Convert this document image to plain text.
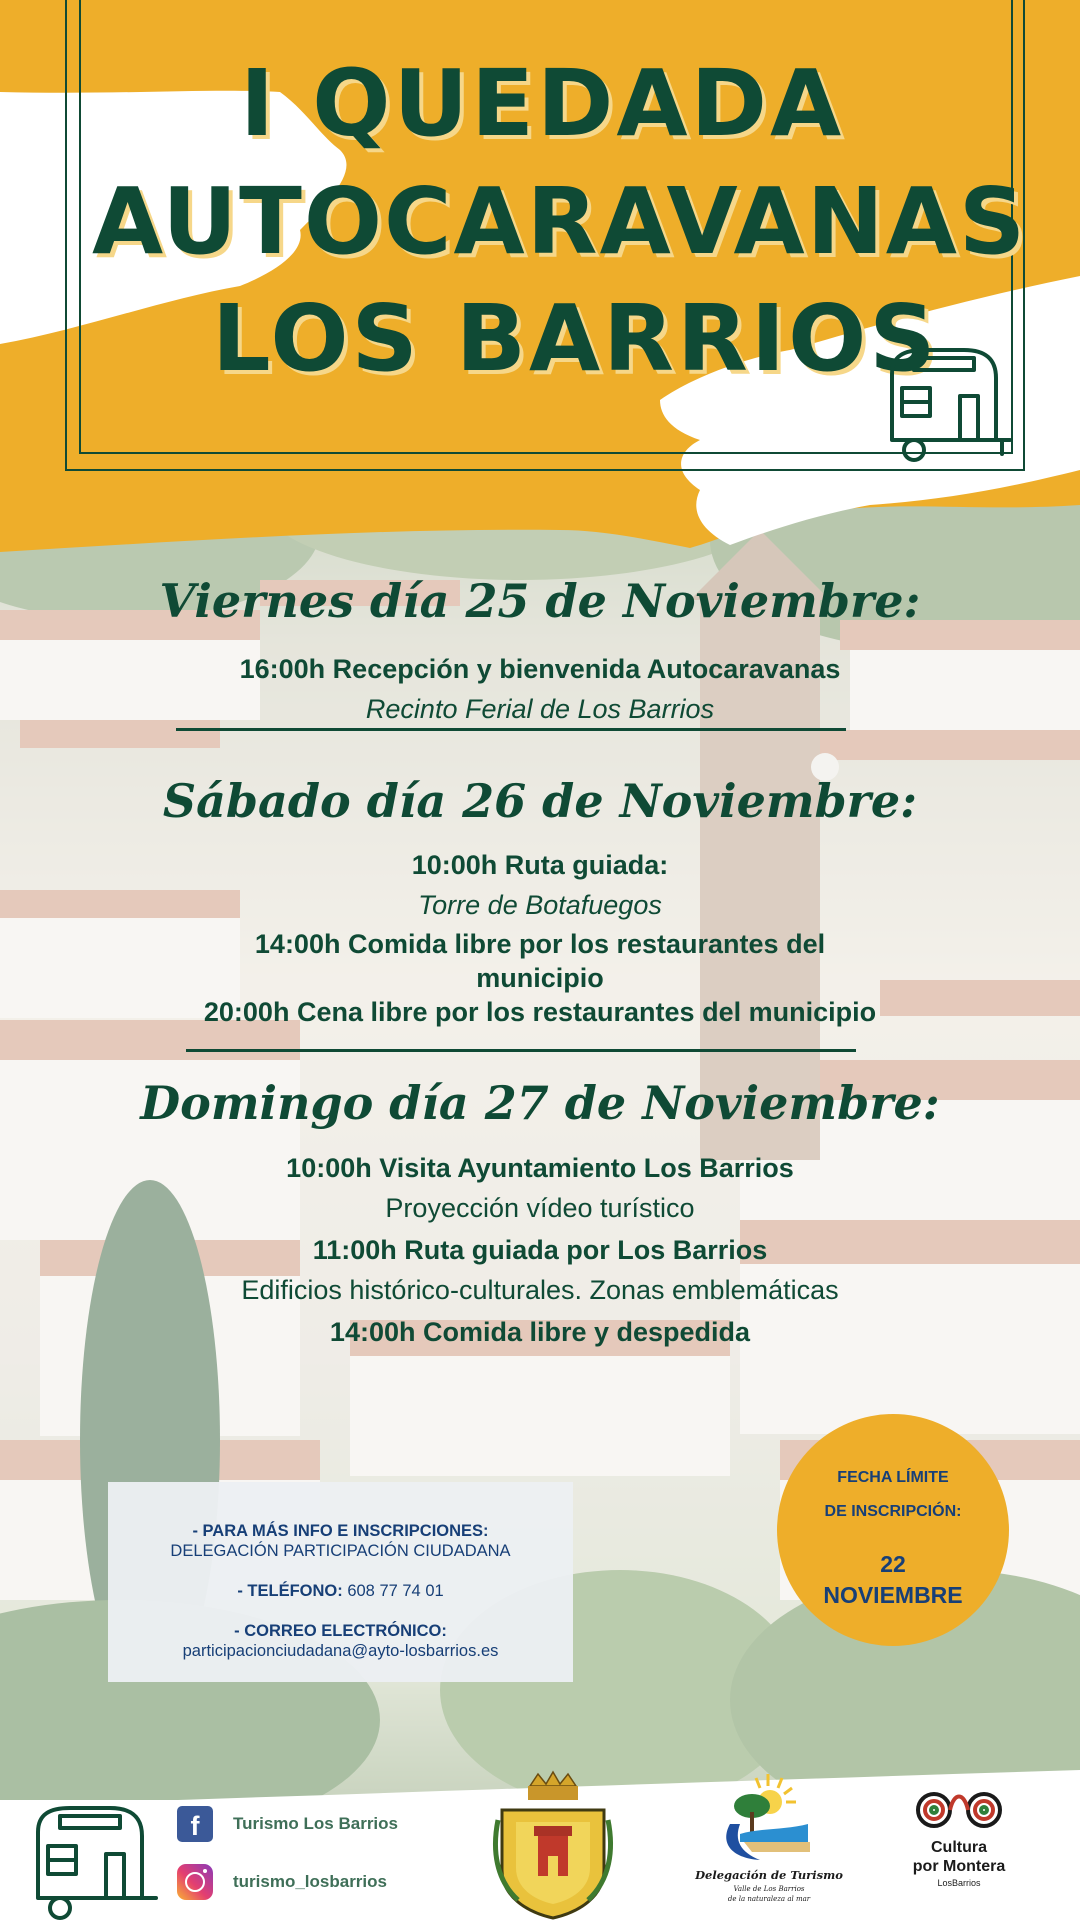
I QUEDADA
AUTOCARAVANAS
LOS BARRIOS
Viernes día 25 de Noviembre:
16:00h Recepción y bienvenida Autocaravanas
Recinto Ferial de Los Barrios
Sábado día 26 de Noviembre:
10:00h Ruta guiada:
Torre de Botafuegos
14:00h Comida libre por los restaurantes del
municipio
20:00h Cena libre por los restaurantes del municipio
Domingo día 27 de Noviembre:
10:00h Visita Ayuntamiento Los Barrios
Proyección vídeo turístico
11:00h Ruta guiada por Los Barrios
Edificios histórico-culturales. Zonas emblemáticas
14:00h Comida libre y despedida
- PARA MÁS INFO E INSCRIPCIONES:
DELEGACIÓN PARTICIPACIÓN CIUDADANA
- TELÉFONO: 608 77 74 01
- CORREO ELECTRÓNICO:
participacionciudadana@ayto-losbarrios.es
FECHA LÍMITE
DE INSCRIPCIÓN:
22
NOVIEMBRE
f	Turismo Los Barrios
turismo_losbarrios	Delegación de Turismo
Valle de Los Barrios
de la naturaleza al mar
Cultura
por Montera
LosBarrios
